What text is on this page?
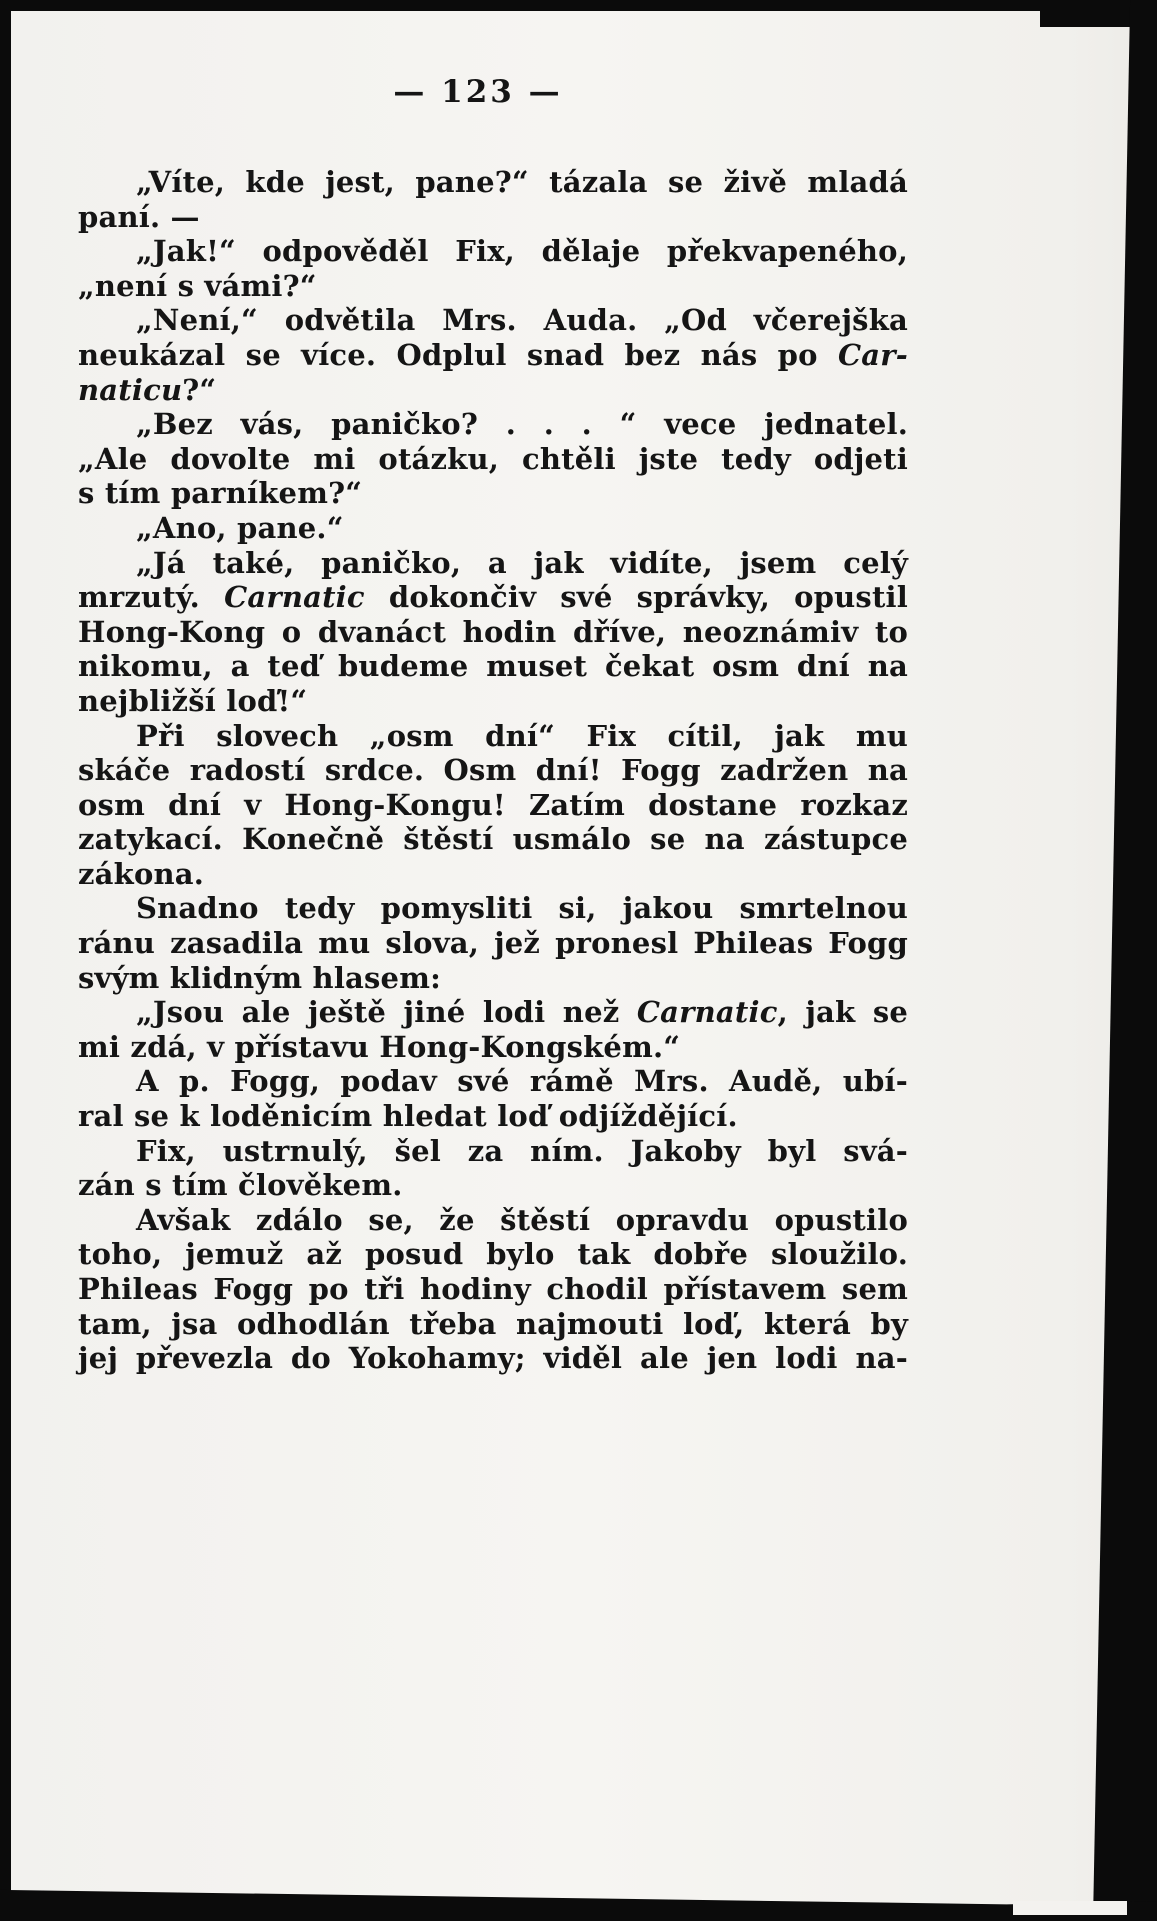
— 123 —
„Víte, kde jest, pane?“ tázala se živě mladá
paní. —
„Jak!“ odpověděl Fix, dělaje překvapeného,
„není s vámi?“
„Není,“ odvětila Mrs. Auda. „Od včerejška
neukázal se více. Odplul snad bez nás po Car-
naticu?“
„Bez vás, paničko? . . . “ vece jednatel.
„Ale dovolte mi otázku, chtěli jste tedy odjeti
s tím parníkem?“
„Ano, pane.“
„Já také, paničko, a jak vidíte, jsem celý
mrzutý. Carnatic dokončiv své správky, opustil
Hong-Kong o dvanáct hodin dříve, neoznámiv to
nikomu, a teď budeme muset čekat osm dní na
nejbližší loď!“
Při slovech „osm dní“ Fix cítil, jak mu
skáče radostí srdce. Osm dní! Fogg zadržen na
osm dní v Hong-Kongu! Zatím dostane rozkaz
zatykací. Konečně štěstí usmálo se na zástupce
zákona.
Snadno tedy pomysliti si, jakou smrtelnou
ránu zasadila mu slova, jež pronesl Phileas Fogg
svým klidným hlasem:
„Jsou ale ještě jiné lodi než Carnatic, jak se
mi zdá, v přístavu Hong-Kongském.“
A p. Fogg, podav své rámě Mrs. Audě, ubí-
ral se k loděnicím hledat loď odjíždějící.
Fix, ustrnulý, šel za ním. Jakoby byl svá-
zán s tím člověkem.
Avšak zdálo se, že štěstí opravdu opustilo
toho, jemuž až posud bylo tak dobře sloužilo.
Phileas Fogg po tři hodiny chodil přístavem sem
tam, jsa odhodlán třeba najmouti loď, která by
jej převezla do Yokohamy; viděl ale jen lodi na-
